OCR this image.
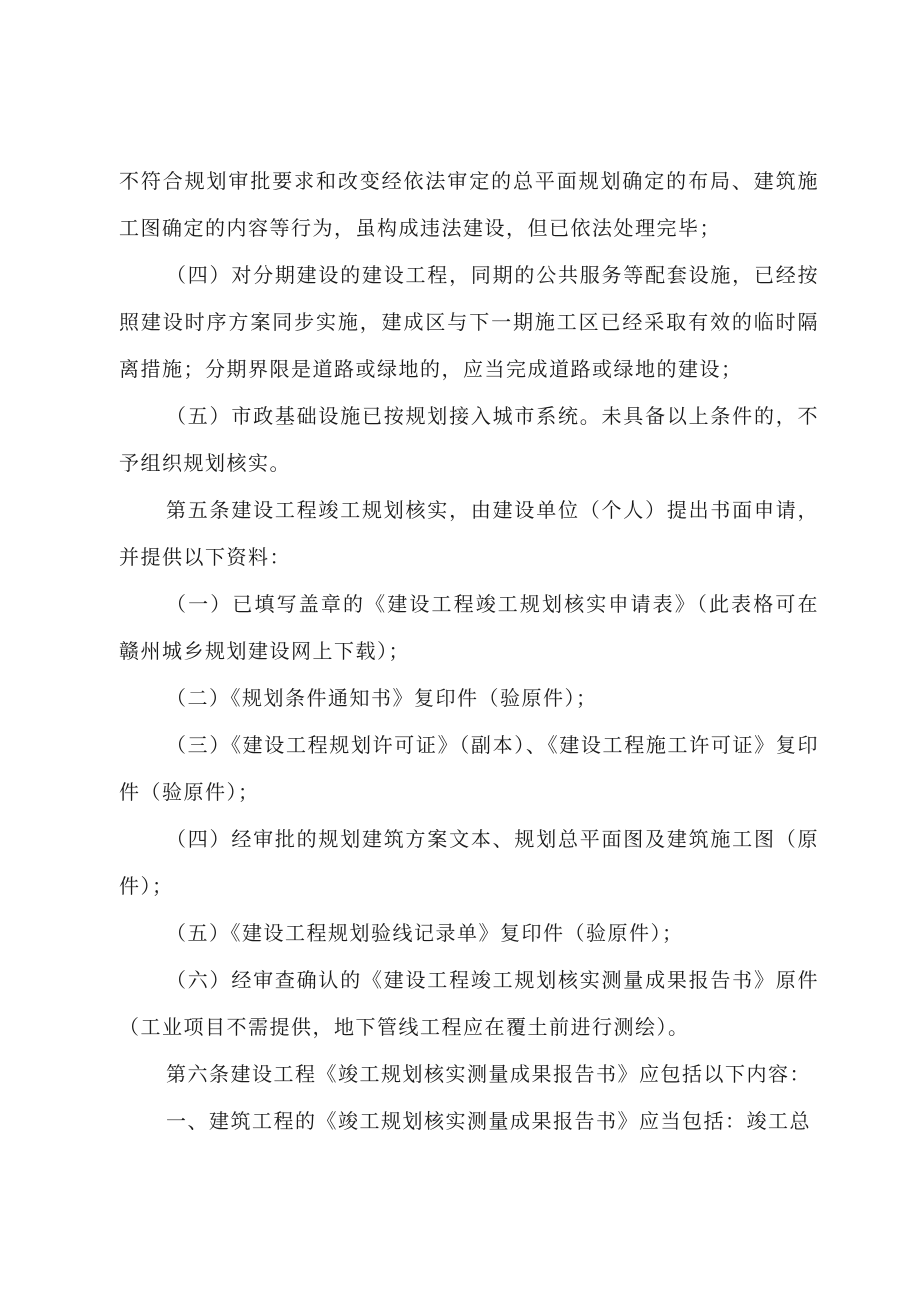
不符合规划审批要求和改变经依法审定的总平面规划确定的布局、建筑施工图确定的内容等行为，虽构成违法建设，但已依法处理完毕；

（四）对分期建设的建设工程，同期的公共服务等配套设施，已经按照建设时序方案同步实施，建成区与下一期施工区已经采取有效的临时隔离措施；分期界限是道路或绿地的，应当完成道路或绿地的建设；

（五）市政基础设施已按规划接入城市系统。未具备以上条件的，不予组织规划核实。

第五条建设工程竣工规划核实，由建设单位（个人）提出书面申请，并提供以下资料：

（一）已填写盖章的《建设工程竣工规划核实申请表》（此表格可在赣州城乡规划建设网上下载）；

（二）《规划条件通知书》复印件（验原件）；

（三）《建设工程规划许可证》（副本）、《建设工程施工许可证》复印件（验原件）；

（四）经审批的规划建筑方案文本、规划总平面图及建筑施工图（原件）；

（五）《建设工程规划验线记录单》复印件（验原件）；

（六）经审查确认的《建设工程竣工规划核实测量成果报告书》原件（工业项目不需提供，地下管线工程应在覆土前进行测绘）。

第六条建设工程《竣工规划核实测量成果报告书》应包括以下内容：

一、建筑工程的《竣工规划核实测量成果报告书》应当包括：竣工总
